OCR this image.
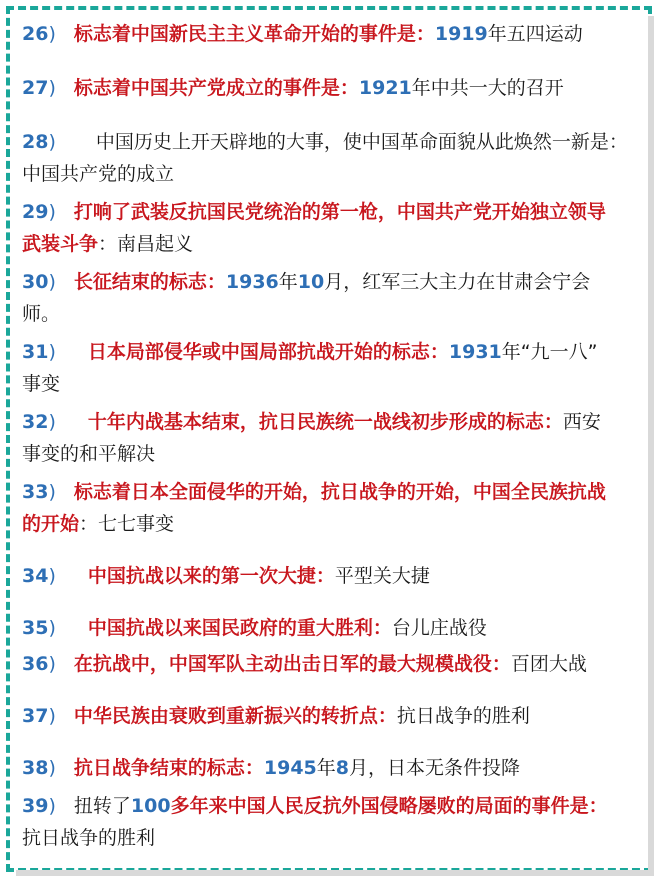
26) 标志着中国新民主主义革命开始的事件是：1919年五四运动
27) 标志着中国共产党成立的事件是：1921年中共一大的召开
28) 中国历史上开天辟地的大事，使中国革命面貌从此焕然一新是：
中国共产党的成立
29) 打响了武装反抗国民党统治的第一枪，中国共产党开始独立领导
武装斗争：南昌起义
30) 长征结束的标志：1936年10月，红军三大主力在甘肃会宁会
师。
31) 日本局部侵华或中国局部抗战开始的标志：1931年“九一八”
事变
32) 十年内战基本结束，抗日民族统一战线初步形成的标志：西安
事变的和平解决
33) 标志着日本全面侵华的开始，抗日战争的开始，中国全民族抗战
的开始：七七事变
34) 中国抗战以来的第一次大捷：平型关大捷
35) 中国抗战以来国民政府的重大胜利：台儿庄战役
36) 在抗战中，中国军队主动出击日军的最大规模战役：百团大战
37) 中华民族由衰败到重新振兴的转折点：抗日战争的胜利
38) 抗日战争结束的标志：1945年8月，日本无条件投降
39) 扭转了100多年来中国人民反抗外国侵略屡败的局面的事件是：
抗日战争的胜利
